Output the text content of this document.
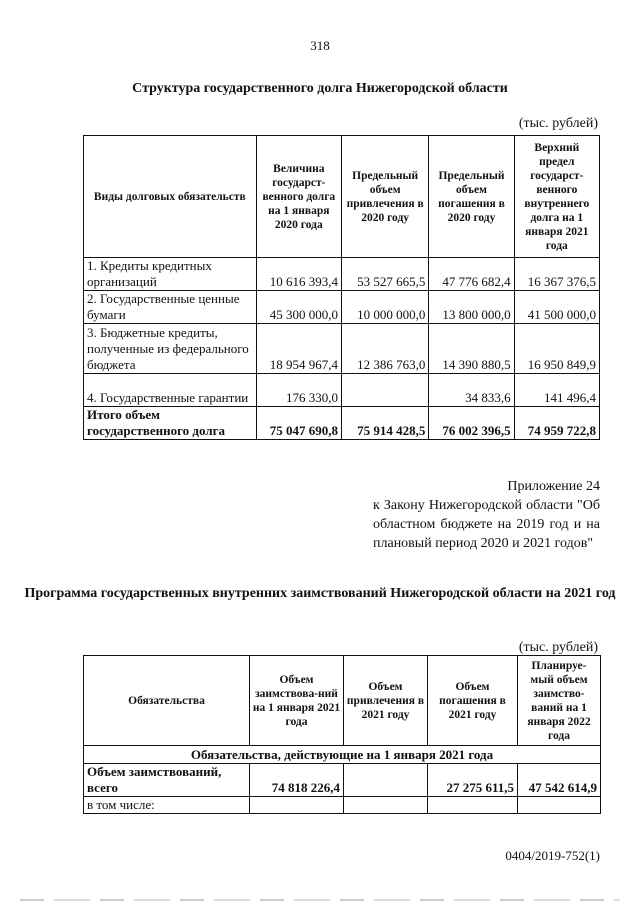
318
Структура государственного долга Нижегородской области
(тыс. рублей)
Виды долговых обязательств	Величина государст-венного долга на 1 января 2020 года	Предельный объем привлечения в 2020 году	Предельный объем погашения в 2020 году	Верхний предел государст-венного внутреннего долга на 1 января 2021 года
1. Кредиты кредитных организаций	10 616 393,4	53 527 665,5	47 776 682,4	16 367 376,5
2. Государственные ценные бумаги	45 300 000,0	10 000 000,0	13 800 000,0	41 500 000,0
3. Бюджетные кредиты, полученные из федерального бюджета	18 954 967,4	12 386 763,0	14 390 880,5	16 950 849,9
4. Государственные гарантии	176 330,0		34 833,6	141 496,4
Итого объем государственного долга	75 047 690,8	75 914 428,5	76 002 396,5	74 959 722,8
Приложение 24
к Закону Нижегородской области "Об областном бюджете на 2019 год и на плановый период 2020 и 2021 годов"
Программа государственных внутренних заимствований Нижегородской области на 2021 год
(тыс. рублей)
Обязательства	Объем заимствова-ний на 1 января 2021 года	Объем привлечения в 2021 году	Объем погашения в 2021 году	Планируе-мый объем заимство-ваний на 1 января 2022 года
Обязательства, действующие на 1 января 2021 года				
Объем заимствований, всего	74 818 226,4		27 275 611,5	47 542 614,9
в том числе:				
0404/2019-752(1)
